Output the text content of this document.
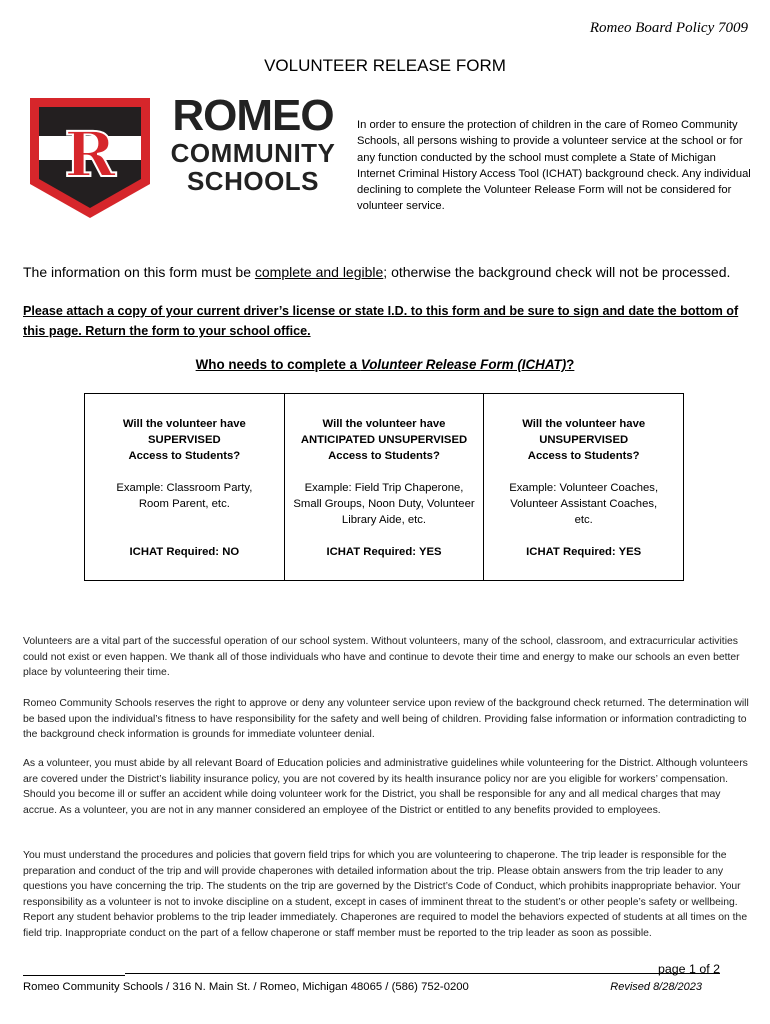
Romeo Board Policy 7009
VOLUNTEER RELEASE FORM
R
ROMEO
COMMUNITY
SCHOOLS
In order to ensure the protection of children in the care of Romeo Community Schools, all persons wishing to provide a volunteer service at the school or for any function conducted by the school must complete a State of Michigan Internet Criminal History Access Tool (ICHAT) background check. Any individual declining to complete the Volunteer Release Form will not be considered for volunteer service.
The information on this form must be complete and legible; otherwise the background check will not be processed.
Please attach a copy of your current driver’s license or state I.D. to this form and be sure to sign and date the bottom of this page. Return the form to your school office.
Who needs to complete a Volunteer Release Form (ICHAT)?
Will the volunteer have
SUPERVISED
Access to Students?
Example: Classroom Party,
Room Parent, etc.
ICHAT Required: NO
Will the volunteer have
ANTICIPATED UNSUPERVISED
Access to Students?
Example: Field Trip Chaperone,
Small Groups, Noon Duty, Volunteer
Library Aide, etc.
ICHAT Required: YES
Will the volunteer have
UNSUPERVISED
Access to Students?
Example: Volunteer Coaches,
Volunteer Assistant Coaches,
etc.
ICHAT Required: YES
Volunteers are a vital part of the successful operation of our school system. Without volunteers, many of the school, classroom, and extracurricular activities could not exist or even happen. We thank all of those individuals who have and continue to devote their time and energy to make our schools an even better place by volunteering their time.
Romeo Community Schools reserves the right to approve or deny any volunteer service upon review of the background check returned. The determination will be based upon the individual’s fitness to have responsibility for the safety and well being of children. Providing false information or information contradicting to the background check information is grounds for immediate volunteer denial.
As a volunteer, you must abide by all relevant Board of Education policies and administrative guidelines while volunteering for the District. Although volunteers are covered under the District’s liability insurance policy, you are not covered by its health insurance policy nor are you eligible for workers’ compensation. Should you become ill or suffer an accident while doing volunteer work for the District, you shall be responsible for any and all medical charges that may accrue. As a volunteer, you are not in any manner considered an employee of the District or entitled to any benefits provided to employees.
You must understand the procedures and policies that govern field trips for which you are volunteering to chaperone. The trip leader is responsible for the preparation and conduct of the trip and will provide chaperones with detailed information about the trip. Please obtain answers from the trip leader to any questions you have concerning the trip. The students on the trip are governed by the District’s Code of Conduct, which prohibits inappropriate behavior. Your responsibility as a volunteer is not to invoke discipline on a student, except in cases of imminent threat to the student’s or other people’s safety or wellbeing. Report any student behavior problems to the trip leader immediately. Chaperones are required to model the behaviors expected of students at all times on the field trip. Inappropriate conduct on the part of a fellow chaperone or staff member must be reported to the trip leader as soon as possible.
page 1 of 2
Romeo Community Schools / 316 N. Main St. / Romeo, Michigan 48065 / (586) 752-0200	Revised 8/28/2023
